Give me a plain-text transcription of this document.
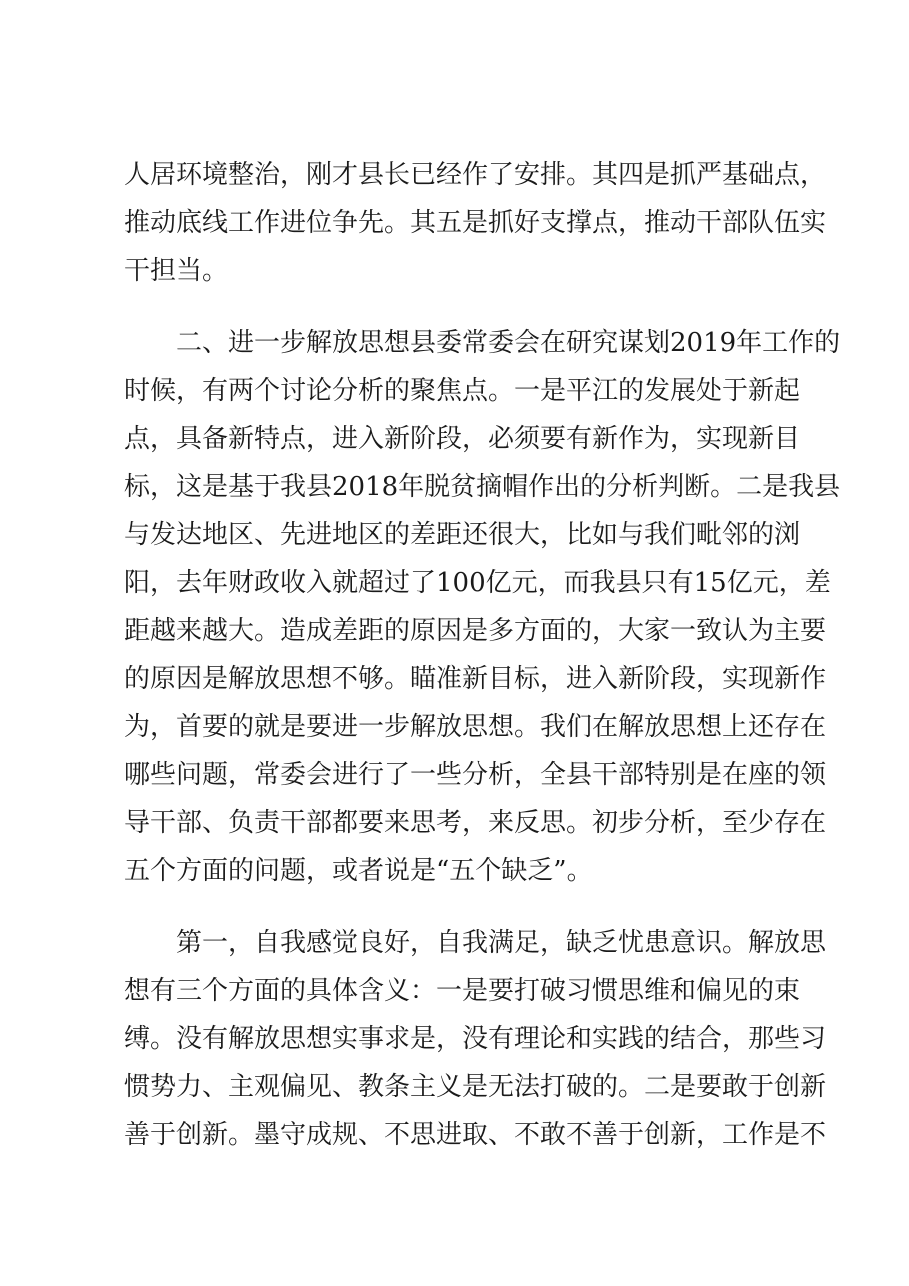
人居环境整治，刚才县长已经作了安排。其四是抓严基础点，
推动底线工作进位争先。其五是抓好支撑点，推动干部队伍实
干担当。
二、进一步解放思想县委常委会在研究谋划2019年工作的
时候，有两个讨论分析的聚焦点。一是平江的发展处于新起
点，具备新特点，进入新阶段，必须要有新作为，实现新目
标，这是基于我县2018年脱贫摘帽作出的分析判断。二是我县
与发达地区、先进地区的差距还很大，比如与我们毗邻的浏
阳，去年财政收入就超过了100亿元，而我县只有15亿元，差
距越来越大。造成差距的原因是多方面的，大家一致认为主要
的原因是解放思想不够。瞄准新目标，进入新阶段，实现新作
为，首要的就是要进一步解放思想。我们在解放思想上还存在
哪些问题，常委会进行了一些分析，全县干部特别是在座的领
导干部、负责干部都要来思考，来反思。初步分析，至少存在
五个方面的问题，或者说是“五个缺乏”。
第一，自我感觉良好，自我满足，缺乏忧患意识。解放思
想有三个方面的具体含义：一是要打破习惯思维和偏见的束
缚。没有解放思想实事求是，没有理论和实践的结合，那些习
惯势力、主观偏见、教条主义是无法打破的。二是要敢于创新
善于创新。墨守成规、不思进取、不敢不善于创新，工作是不
